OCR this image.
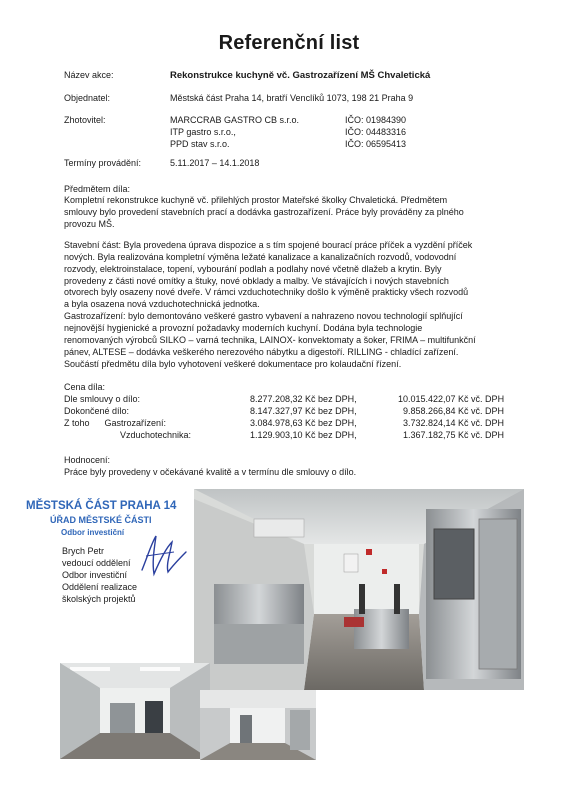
Referenční list
Název akce:	Rekonstrukce kuchyně vč. Gastrozařízení MŠ Chvaletická
Objednatel:	Městská část Praha 14, bratří Venclíků 1073, 198 21 Praha 9
Zhotovitel:	MARCCRAB GASTRO CB s.r.o.	IČO: 01984390
ITP gastro s.r.o.,	IČO: 04483316
PPD stav s.r.o.	IČO: 06595413
Termíny provádění:	5.11.2017 – 14.1.2018
Předmětem díla:
Kompletní rekonstrukce kuchyně vč. přilehlých prostor Mateřské školky Chvaletická. Předmětem
smlouvy bylo provedení stavebních prací a dodávka gastrozařízení. Práce byly prováděny za plného
provozu MŠ.
Stavební část: Byla provedena úprava dispozice a s tím spojené bourací práce příček a vyzdění příček
nových. Byla realizována kompletní výměna ležaté kanalizace a kanalizačních rozvodů, vodovodní
rozvody, elektroinstalace, topení, vybourání podlah a podlahy nové včetně dlažeb a krytin. Byly
provedeny z části nové omítky a štuky, nové obklady a malby. Ve stávajících i nových stavebních
otvorech byly osazeny nové dveře. V rámci vzduchotechniky došlo k výměně prakticky všech rozvodů
a byla osazena nová vzduchotechnická jednotka.
Gastrozařízení: bylo demontováno veškeré gastro vybavení a nahrazeno novou technologií splňující
nejnovější hygienické a provozní požadavky moderních kuchyní. Dodána byla technologie
renomovaných výrobců SILKO – varná technika, LAINOX- konvektomaty a šoker, FRIMA – multifunkční
pánev, ALTESE – dodávka veškerého nerezového nábytku a digestoří. RILLING - chladící zařízení.
Součástí předmětu díla bylo vyhotovení veškeré dokumentace pro kolaudační řízení.
Cena díla:
Dle smlouvy o dílo:	8.277.208,32 Kč bez DPH,	10.015.422,07 Kč vč. DPH
Dokončené dílo:	8.147.327,97 Kč bez DPH,	9.858.266,84 Kč vč. DPH
Z toho      Gastrozařízení:	3.084.978,63 Kč bez DPH,	3.732.824,14 Kč vč. DPH
Vzduchotechnika:	1.129.903,10 Kč bez DPH,	1.367.182,75 Kč vč. DPH
Hodnocení:
Práce byly provedeny v očekávané kvalitě a v termínu dle smlouvy o dílo.
MĚSTSKÁ ČÁST PRAHA 14
ÚŘAD MĚSTSKÉ ČÁSTI
Odbor investiční
Brych Petr
vedoucí oddělení
Odbor investiční
Oddělení realizace
školských projektů
